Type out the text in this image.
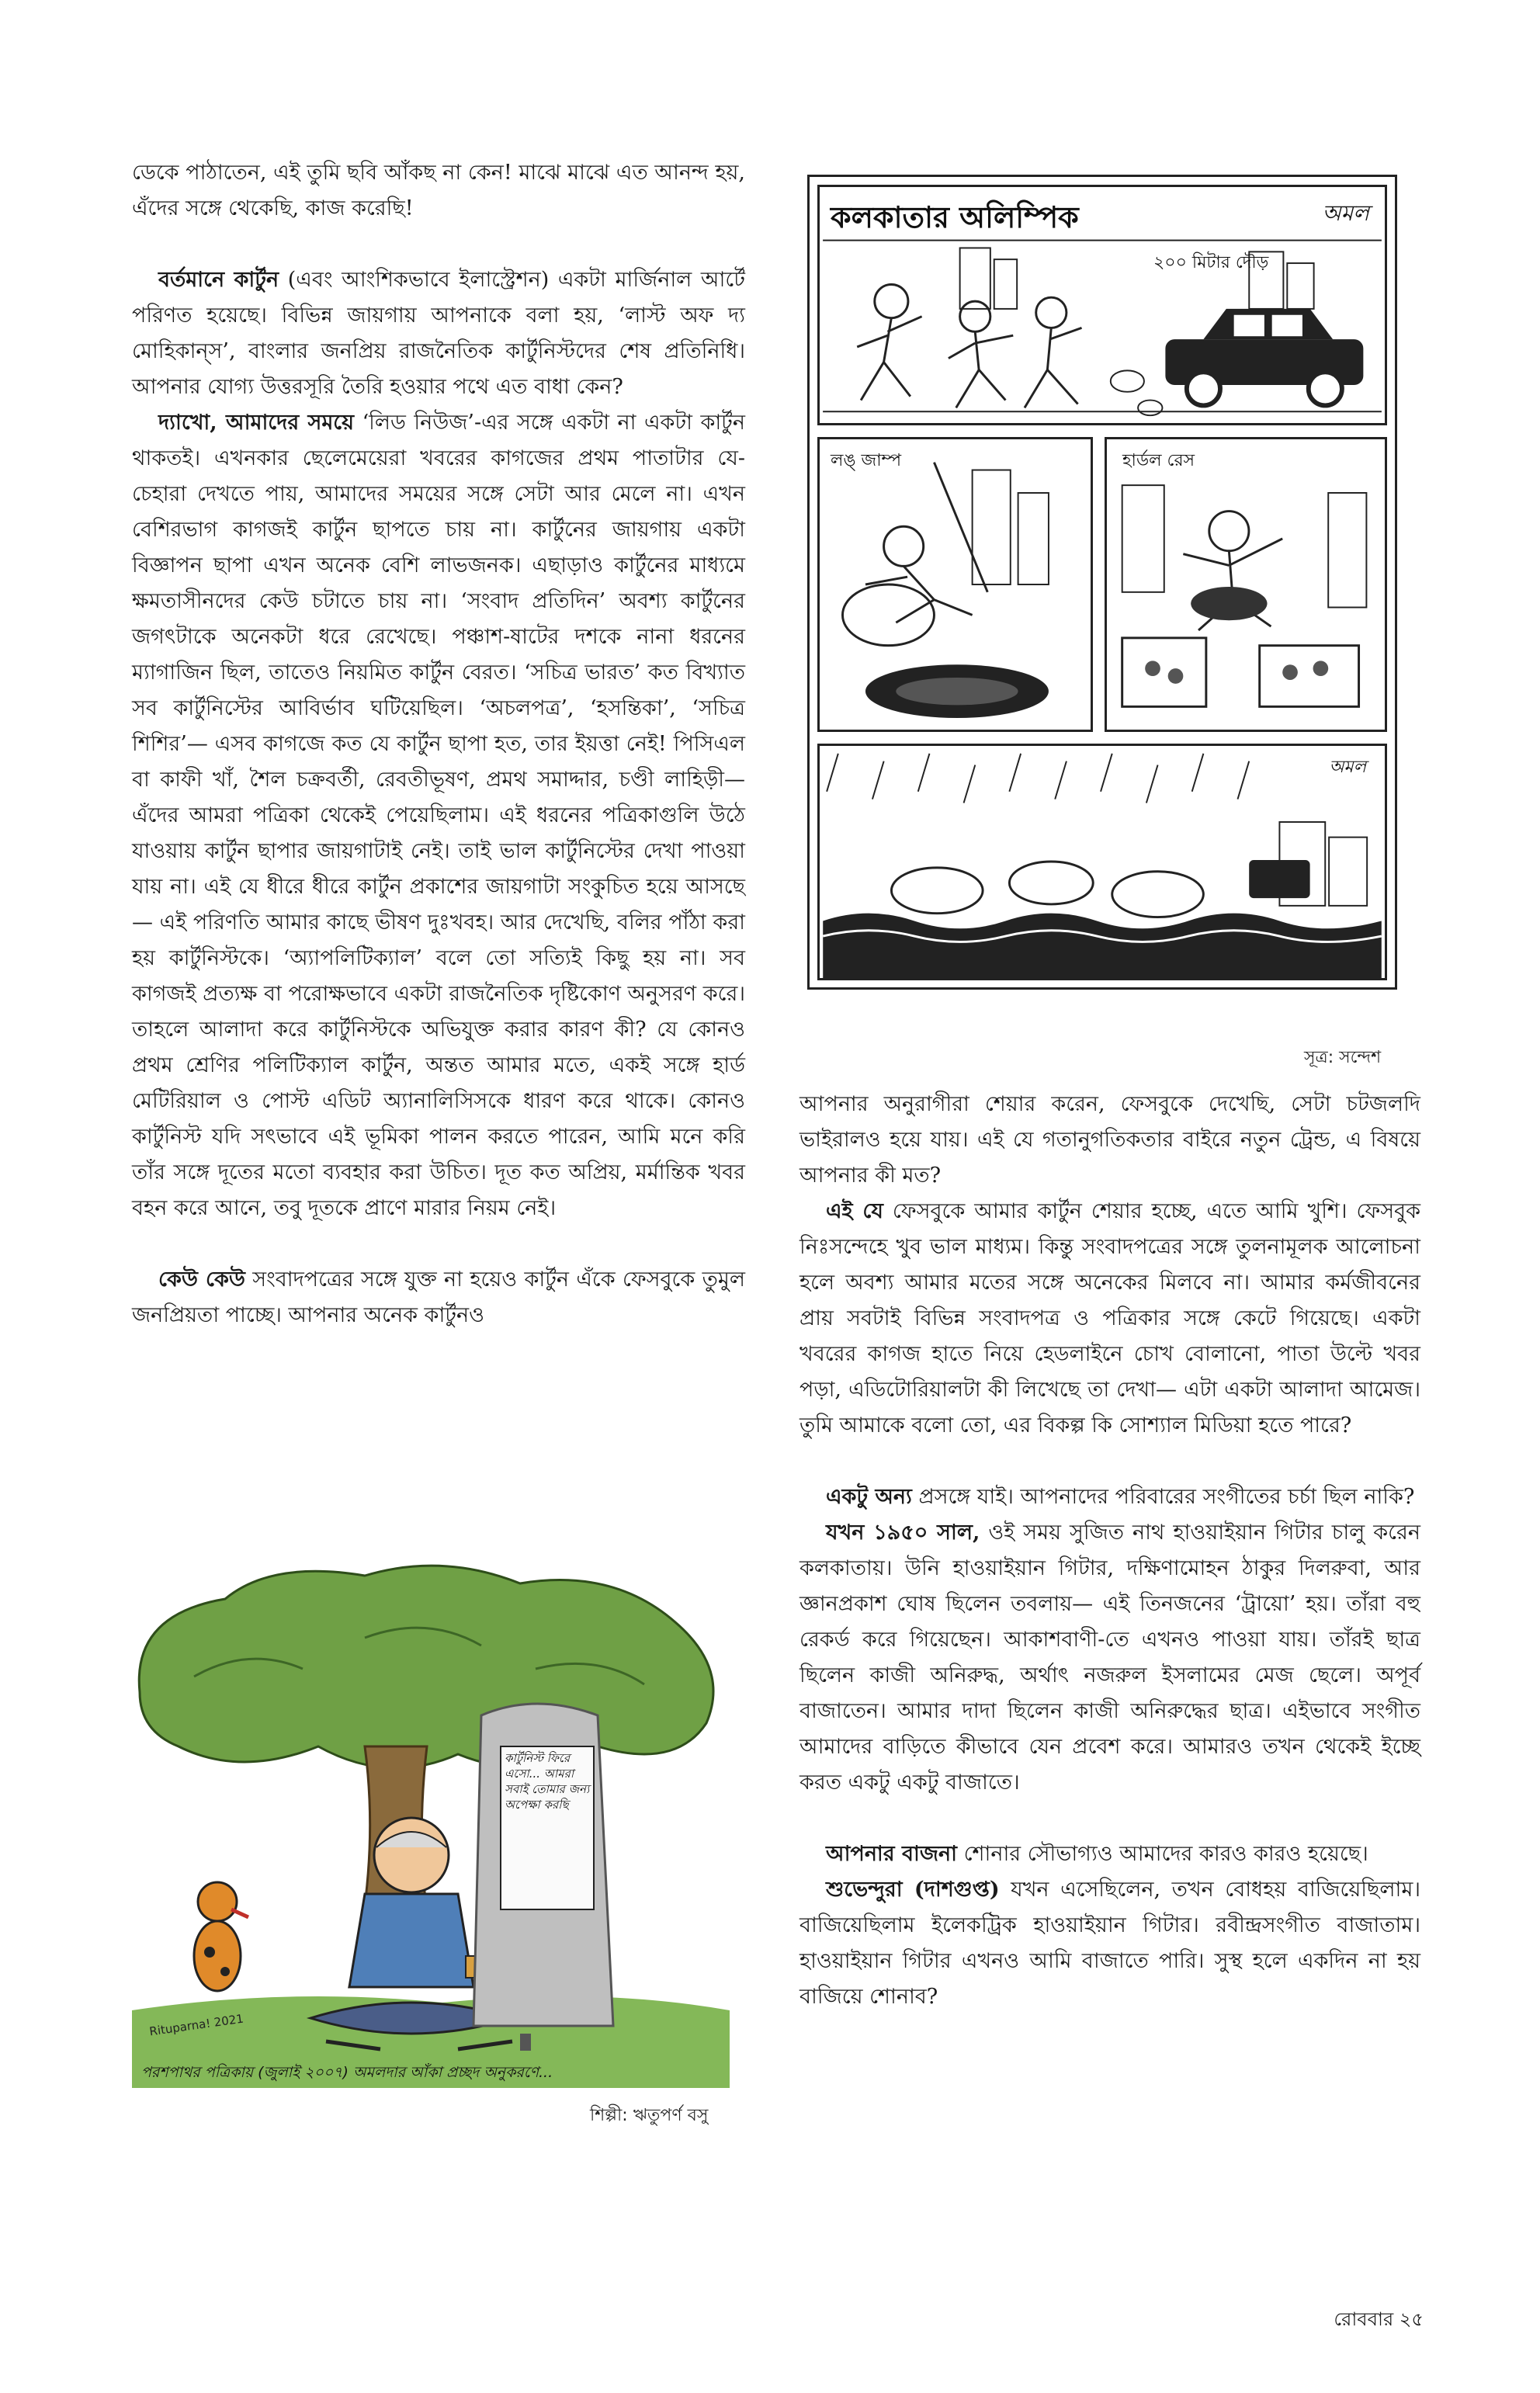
ডেকে পাঠাতেন, এই তুমি ছবি আঁকছ না কেন! মাঝে মাঝে এত আনন্দ হয়, এঁদের সঙ্গে থেকেছি, কাজ করেছি!

বর্তমানে কার্টুন (এবং আংশিকভাবে ইলাস্ট্রেশন) একটা মার্জিনাল আর্টে পরিণত হয়েছে। বিভিন্ন জায়গায় আপনাকে বলা হয়, ‘লাস্ট অফ দ্য মোহিকান্‌স’, বাংলার জনপ্রিয় রাজনৈতিক কার্টুনিস্টদের শেষ প্রতিনিধি। আপনার যোগ্য উত্তরসূরি তৈরি হওয়ার পথে এত বাধা কেন?

দ্যাখো, আমাদের সময়ে ‘লিড নিউজ’-এর সঙ্গে একটা না একটা কার্টুন থাকতই। এখনকার ছেলেমেয়েরা খবরের কাগজের প্রথম পাতাটার যে-চেহারা দেখতে পায়, আমাদের সময়ের সঙ্গে সেটা আর মেলে না। এখন বেশিরভাগ কাগজই কার্টুন ছাপতে চায় না। কার্টুনের জায়গায় একটা বিজ্ঞাপন ছাপা এখন অনেক বেশি লাভজনক। এছাড়াও কার্টুনের মাধ্যমে ক্ষমতাসীনদের কেউ চটাতে চায় না। ‘সংবাদ প্রতিদিন’ অবশ্য কার্টুনের জগৎটাকে অনেকটা ধরে রেখেছে। পঞ্চাশ-ষাটের দশকে নানা ধরনের ম্যাগাজিন ছিল, তাতেও নিয়মিত কার্টুন বেরত। ‘সচিত্র ভারত’ কত বিখ্যাত সব কার্টুনিস্টের আবির্ভাব ঘটিয়েছিল। ‘অচলপত্র’, ‘হসন্তিকা’, ‘সচিত্র শিশির’— এসব কাগজে কত যে কার্টুন ছাপা হত, তার ইয়ত্তা নেই! পিসিএল বা কাফী খাঁ, শৈল চক্রবর্তী, রেবতীভূষণ, প্রমথ সমাদ্দার, চণ্ডী লাহিড়ী— এঁদের আমরা পত্রিকা থেকেই পেয়েছিলাম। এই ধরনের পত্রিকাগুলি উঠে যাওয়ায় কার্টুন ছাপার জায়গাটাই নেই। তাই ভাল কার্টুনিস্টের দেখা পাওয়া যায় না। এই যে ধীরে ধীরে কার্টুন প্রকাশের জায়গাটা সংকুচিত হয়ে আসছে— এই পরিণতি আমার কাছে ভীষণ দুঃখবহ। আর দেখেছি, বলির পাঁঠা করা হয় কার্টুনিস্টকে। ‘অ্যাপলিটিক্যাল’ বলে তো সত্যিই কিছু হয় না। সব কাগজই প্রত্যক্ষ বা পরোক্ষভাবে একটা রাজনৈতিক দৃষ্টিকোণ অনুসরণ করে। তাহলে আলাদা করে কার্টুনিস্টকে অভিযুক্ত করার কারণ কী? যে কোনও প্রথম শ্রেণির পলিটিক্যাল কার্টুন, অন্তত আমার মতে, একই সঙ্গে হার্ড মেটিরিয়াল ও পোস্ট এডিট অ্যানালিসিসকে ধারণ করে থাকে। কোনও কার্টুনিস্ট যদি সৎভাবে এই ভূমিকা পালন করতে পারেন, আমি মনে করি তাঁর সঙ্গে দূতের মতো ব্যবহার করা উচিত। দূত কত অপ্রিয়, মর্মান্তিক খবর বহন করে আনে, তবু দূতকে প্রাণে মারার নিয়ম নেই।

কেউ কেউ সংবাদপত্রের সঙ্গে যুক্ত না হয়েও কার্টুন এঁকে ফেসবুকে তুমুল জনপ্রিয়তা পাচ্ছে। আপনার অনেক কার্টুনও

আপনার অনুরাগীরা শেয়ার করেন, ফেসবুকে দেখেছি, সেটা চটজলদি ভাইরালও হয়ে যায়। এই যে গতানুগতিকতার বাইরে নতুন ট্রেন্ড, এ বিষয়ে আপনার কী মত?

এই যে ফেসবুকে আমার কার্টুন শেয়ার হচ্ছে, এতে আমি খুশি। ফেসবুক নিঃসন্দেহে খুব ভাল মাধ্যম। কিন্তু সংবাদপত্রের সঙ্গে তুলনামূলক আলোচনা হলে অবশ্য আমার মতের সঙ্গে অনেকের মিলবে না। আমার কর্মজীবনের প্রায় সবটাই বিভিন্ন সংবাদপত্র ও পত্রিকার সঙ্গে কেটে গিয়েছে। একটা খবরের কাগজ হাতে নিয়ে হেডলাইনে চোখ বোলানো, পাতা উল্টে খবর পড়া, এডিটোরিয়ালটা কী লিখেছে তা দেখা— এটা একটা আলাদা আমেজ। তুমি আমাকে বলো তো, এর বিকল্প কি সোশ্যাল মিডিয়া হতে পারে?

একটু অন্য প্রসঙ্গে যাই। আপনাদের পরিবারের সংগীতের চর্চা ছিল নাকি?

যখন ১৯৫০ সাল, ওই সময় সুজিত নাথ হাওয়াইয়ান গিটার চালু করেন কলকাতায়। উনি হাওয়াইয়ান গিটার, দক্ষিণামোহন ঠাকুর দিলরুবা, আর জ্ঞানপ্রকাশ ঘোষ ছিলেন তবলায়— এই তিনজনের ‘ট্রায়ো’ হয়। তাঁরা বহু রেকর্ড করে গিয়েছেন। আকাশবাণী-তে এখনও পাওয়া যায়। তাঁরই ছাত্র ছিলেন কাজী অনিরুদ্ধ, অর্থাৎ নজরুল ইসলামের মেজ ছেলে। অপূর্ব বাজাতেন। আমার দাদা ছিলেন কাজী অনিরুদ্ধের ছাত্র। এইভাবে সংগীত আমাদের বাড়িতে কীভাবে যেন প্রবেশ করে। আমারও তখন থেকেই ইচ্ছে করত একটু একটু বাজাতে।

আপনার বাজনা শোনার সৌভাগ্যও আমাদের কারও কারও হয়েছে।

শুভেন্দুরা (দাশগুপ্ত) যখন এসেছিলেন, তখন বোধহয় বাজিয়েছিলাম। বাজিয়েছিলাম ইলেকট্রিক হাওয়াইয়ান গিটার। রবীন্দ্রসংগীত বাজাতাম। হাওয়াইয়ান গিটার এখনও আমি বাজাতে পারি। সুস্থ হলে একদিন না হয় বাজিয়ে শোনাব?

কলকাতার অলিম্পিক	অমল
২০০ মিটার দৌড়
লঙ্ জাম্প	হার্ডল রেস
অমল
সূত্র: সন্দেশ
কার্টুনিস্ট ফিরে এসো... আমরা সবাই তোমার জন্য অপেক্ষা করছি
Rituparna! 2021
পরশপাথর পত্রিকায় (জুলাই ২০০৭) অমলদার আঁকা প্রচ্ছদ অনুকরণে...
শিল্পী: ঋতুপর্ণ বসু
রোববার ২৫
